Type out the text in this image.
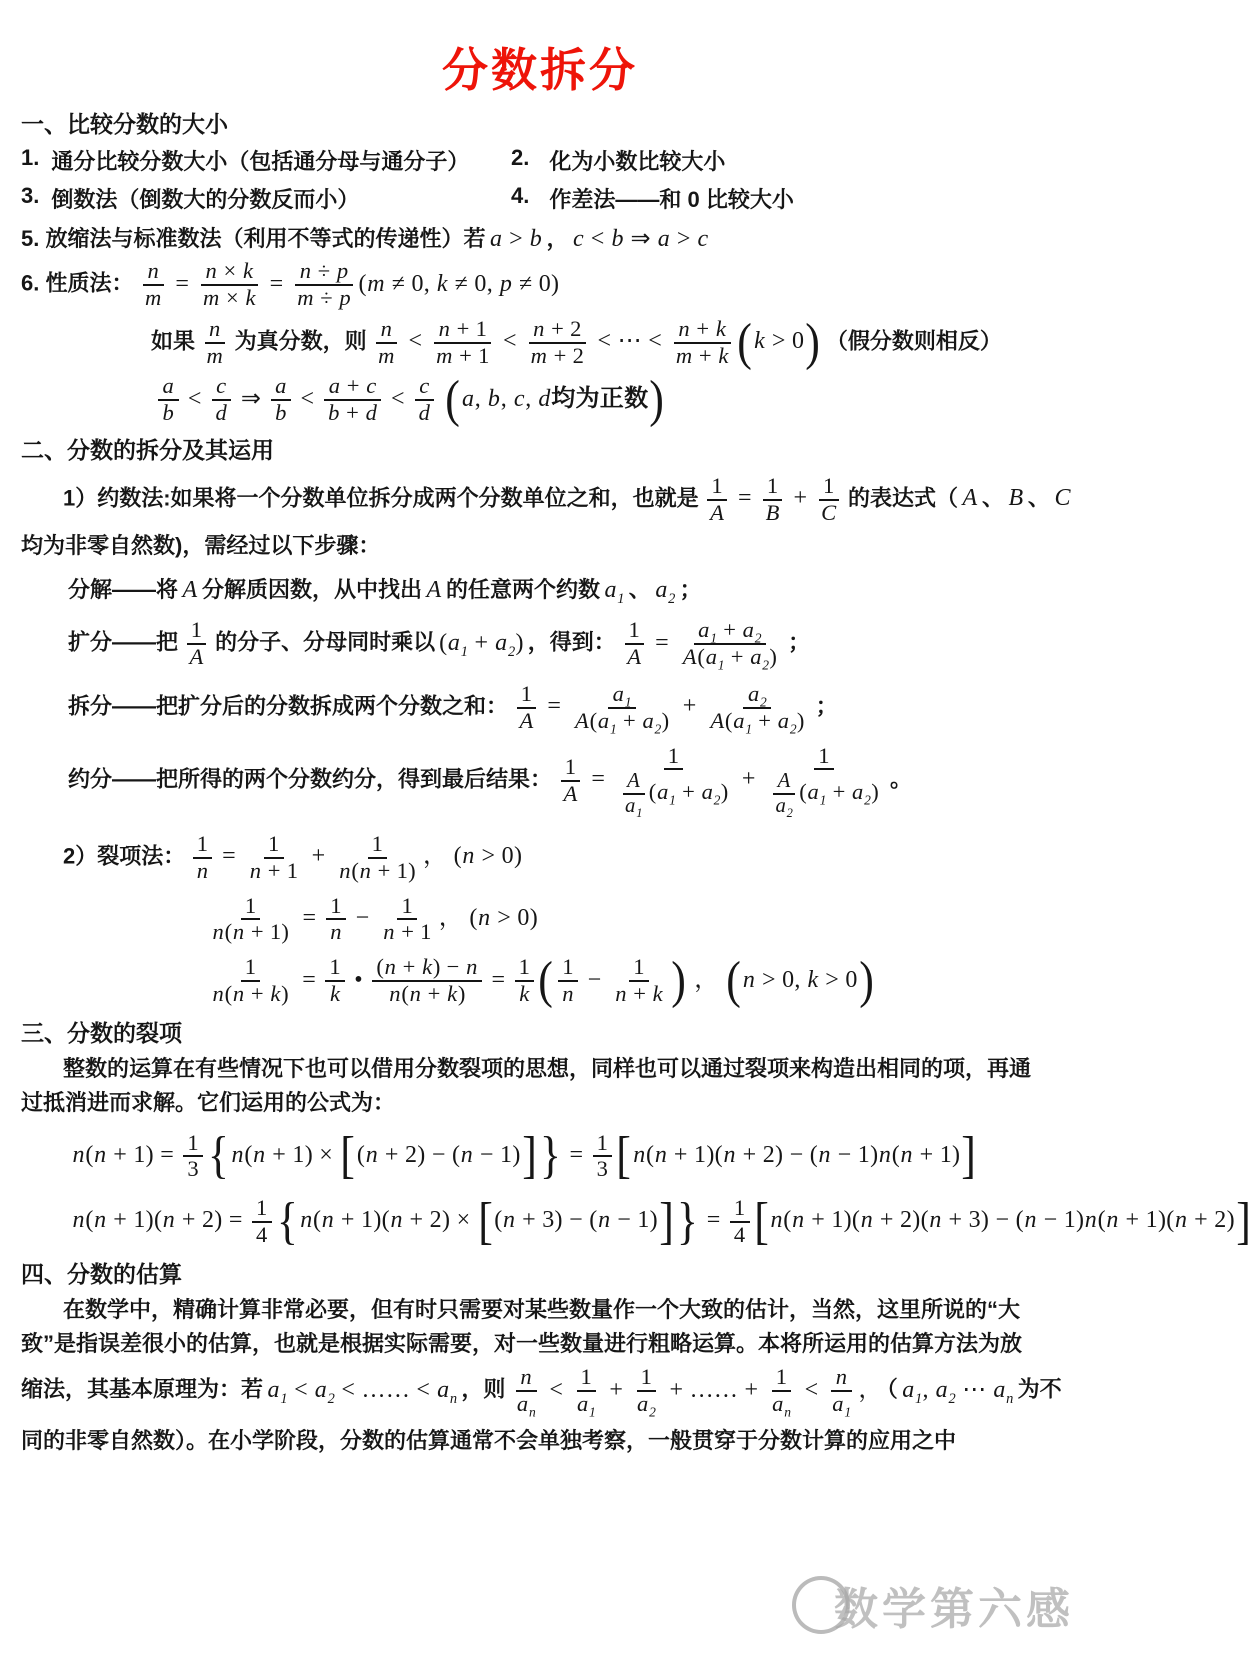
分数拆分
一、比较分数的大小
1. 通分比较分数大小（包括通分母与通分子） 2. 化为小数比较大小
3. 倒数法（倒数大的分数反而小）	4. 作差法——和 0 比较大小
5. 放缩法与标准数法（利用不等式的传递性）若 a > b ， c < b ⇒ a > c
6. 性质法： $\frac{n}{m} = \frac{n \times k}{m \times k} = \frac{n \div p}{m \div p} (m \ne 0$, k ≠ 0, p ≠ 0)
如果 $\frac{n}{m}$ 为真分数，则 $\frac{n}{m} < \frac{n + 1}{m + 1} < \frac{n + 2}{m + 2}$ < ⋯ < $\frac{n + k}{m + k} (k > 0)$ （假分数则相反）
$\frac{a}{b} < \frac{c}{d}$ ⇒ $\frac{a}{b} < \frac{a + c}{b + d} < \frac{c}{d} (a$, b, c, d均为正数)
二、分数的拆分及其运用
1）约数法:如果将一个分数单位拆分成两个分数单位之和，也就是 $\frac{1}{A} = \frac{1}{B} + \frac{1}{C}$ 的表达式（ A 、 B 、 C
均为非零自然数)，需经过以下步骤：
分解——将 A 分解质因数，从中找出 A 的任意两个约数 $a_1$ 、 $a_2$ ；
扩分——把 $\frac{1}{A}$ 的分子、分母同时乘以 $(a_1 + a_2)$ ，得到： $\frac{1}{A} = \frac{a_1 + a_2}{A(a_1 + a_2)}$ ；
拆分——把扩分后的分数拆成两个分数之和： $\frac{1}{A} = \frac{a_1}{A(a_1 + a_2)} + \frac{a_2}{A(a_1 + a_2)}$ ；
约分——把所得的两个分数约分，得到最后结果： $\frac{1}{A} = \frac{1}{\frac{A}{a_1} (a_1 + a_2)} + \frac{1}{\frac{A}{a_2} (a_1 + a_2)}$ 。
2）裂项法： $\frac{1}{n} = \frac{1}{n + 1} + \frac{1}{n(n + 1)}$ ， (n > 0)
$\frac{1}{n(n + 1)} = \frac{1}{n} - \frac{1}{n + 1}$ ， (n > 0)
$\frac{1}{n(n + k)} = \frac{1}{k}$ • $\frac{(n + k) - n}{n(n + k)} = \frac{1}{k}$ ( $\frac{1}{n} - \frac{1}{n + k}$ ) ， (n > 0, k > 0)
三、分数的裂项
整数的运算在有些情况下也可以借用分数裂项的思想，同样也可以通过裂项来构造出相同的项，再通
过抵消进而求解。它们运用的公式为：
$n(n + 1) = \frac{1}{3} \{n(n + 1) \times [(n + 2) - (n - 1)]\} = \frac{1}{3} [n(n + 1)(n + 2) - (n - 1)n(n + 1)]$
$n(n + 1)(n + 2) = \frac{1}{4} \{n(n + 1)(n + 2) \times [(n + 3) - (n - 1)]\} = \frac{1}{4} [n(n + 1)(n + 2)(n + 3) - (n - 1)n(n + 1)(n + 2)]$
四、分数的估算
在数学中，精确计算非常必要，但有时只需要对某些数量作一个大致的估计，当然，这里所说的“大
致”是指误差很小的估算，也就是根据实际需要，对一些数量进行粗略运算。本将所运用的估算方法为放
缩法，其基本原理为：若 $a_1 < a_2$ < …… < $a_n$ ，则 $\frac{n}{a_n} < \frac{1}{a_1} + \frac{1}{a_2}$ + …… + $\frac{1}{a_n} < \frac{n}{a_1}$ ， （ $a_1$, $a_2$ ⋯ $a_n$ 为不
同的非零自然数）。在小学阶段，分数的估算通常不会单独考察，一般贯穿于分数计算的应用之中
数学第六感
